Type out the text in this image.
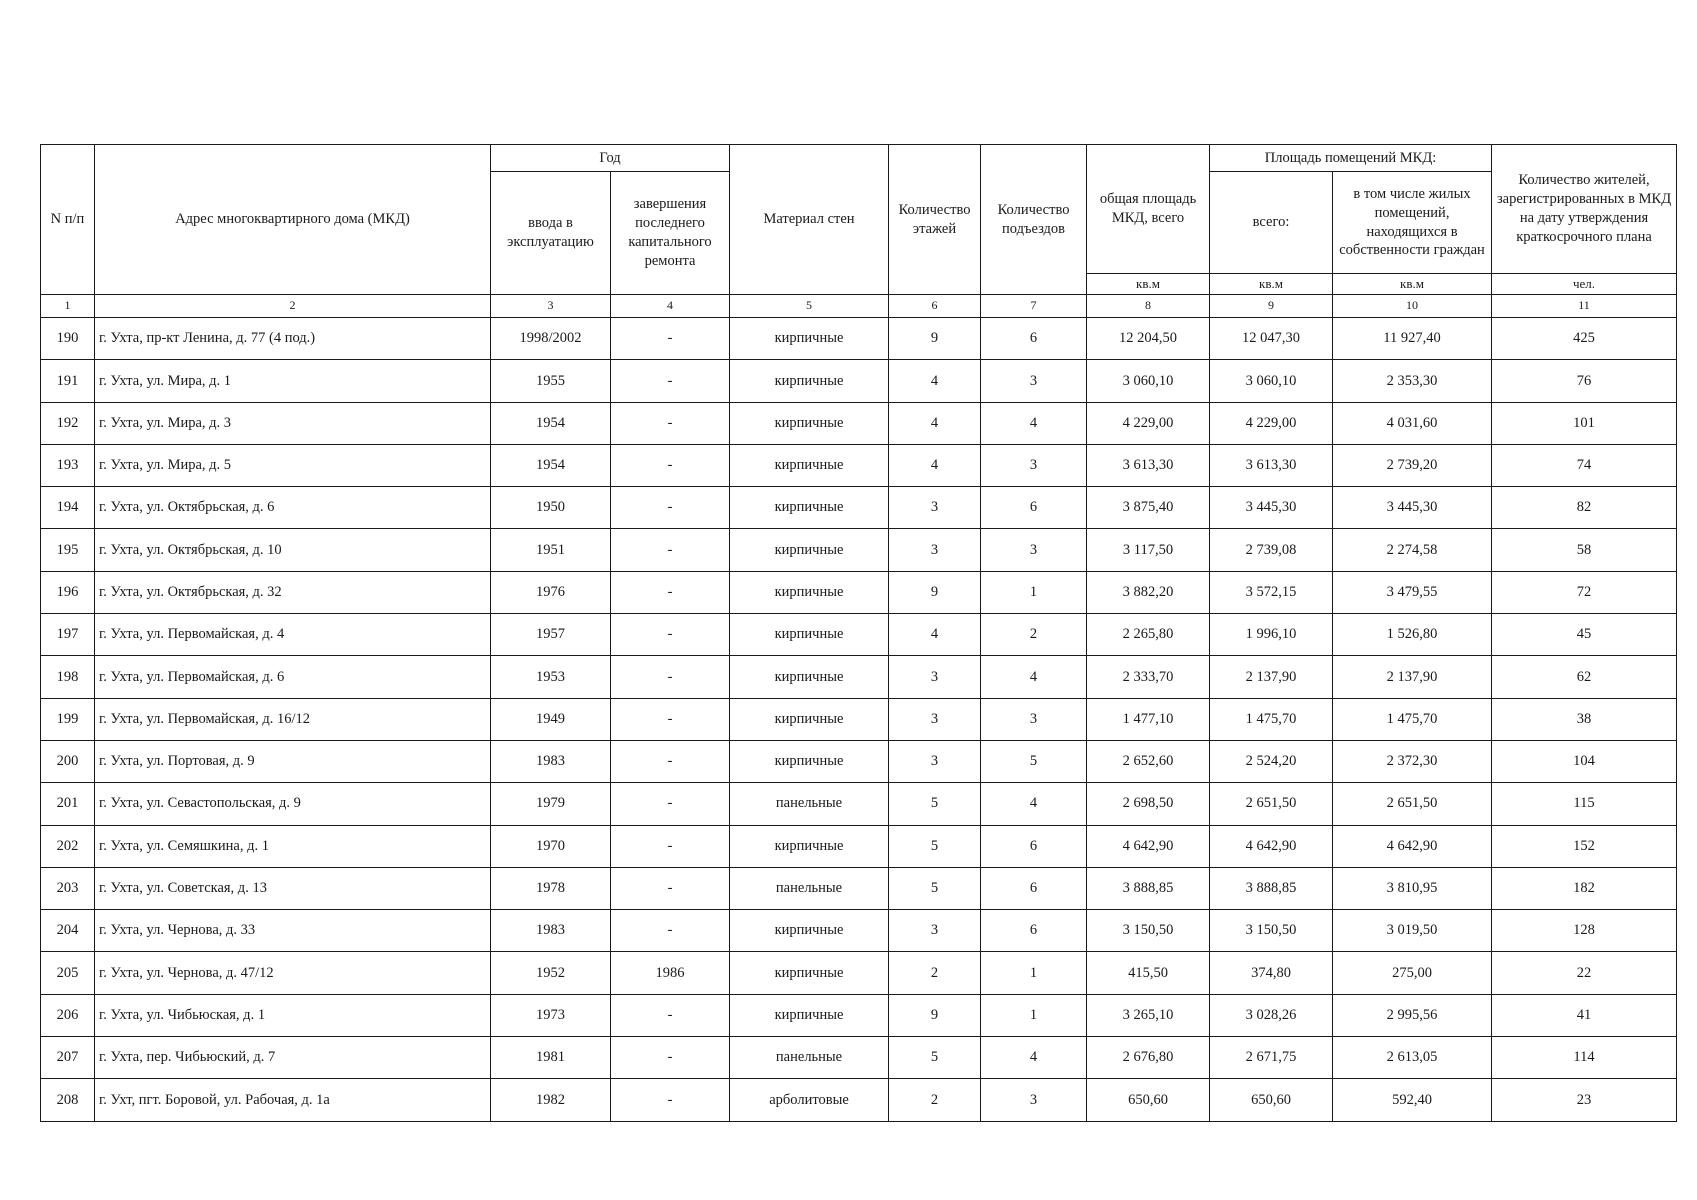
N п/п	Адрес многоквартирного дома (МКД)	Год		Материал стен	Количество этажей	Количество подъездов	общая площадь МКД, всего	Площадь помещений МКД:		Количество жителей, зарегистрированных в МКД на дату утверждения краткосрочного плана
		ввода в эксплуатацию	завершения последнего капитального ремонта					всего:	в том числе жилых помещений, находящихся в собственности граждан	
							кв.м	кв.м	кв.м	чел.
1	2	3	4	5	6	7	8	9	10	11
190	г. Ухта, пр-кт Ленина, д. 77 (4 под.)	1998/2002	-	кирпичные	9	6	12 204,50	12 047,30	11 927,40	425
191	г. Ухта, ул. Мира, д. 1	1955	-	кирпичные	4	3	3 060,10	3 060,10	2 353,30	76
192	г. Ухта, ул. Мира, д. 3	1954	-	кирпичные	4	4	4 229,00	4 229,00	4 031,60	101
193	г. Ухта, ул. Мира, д. 5	1954	-	кирпичные	4	3	3 613,30	3 613,30	2 739,20	74
194	г. Ухта, ул. Октябрьская, д. 6	1950	-	кирпичные	3	6	3 875,40	3 445,30	3 445,30	82
195	г. Ухта, ул. Октябрьская, д. 10	1951	-	кирпичные	3	3	3 117,50	2 739,08	2 274,58	58
196	г. Ухта, ул. Октябрьская, д. 32	1976	-	кирпичные	9	1	3 882,20	3 572,15	3 479,55	72
197	г. Ухта, ул. Первомайская, д. 4	1957	-	кирпичные	4	2	2 265,80	1 996,10	1 526,80	45
198	г. Ухта, ул. Первомайская, д. 6	1953	-	кирпичные	3	4	2 333,70	2 137,90	2 137,90	62
199	г. Ухта, ул. Первомайская, д. 16/12	1949	-	кирпичные	3	3	1 477,10	1 475,70	1 475,70	38
200	г. Ухта, ул. Портовая, д. 9	1983	-	кирпичные	3	5	2 652,60	2 524,20	2 372,30	104
201	г. Ухта, ул. Севастопольская, д. 9	1979	-	панельные	5	4	2 698,50	2 651,50	2 651,50	115
202	г. Ухта, ул. Семяшкина, д. 1	1970	-	кирпичные	5	6	4 642,90	4 642,90	4 642,90	152
203	г. Ухта, ул. Советская, д. 13	1978	-	панельные	5	6	3 888,85	3 888,85	3 810,95	182
204	г. Ухта, ул. Чернова, д. 33	1983	-	кирпичные	3	6	3 150,50	3 150,50	3 019,50	128
205	г. Ухта, ул. Чернова, д. 47/12	1952	1986	кирпичные	2	1	415,50	374,80	275,00	22
206	г. Ухта, ул. Чибьюская, д. 1	1973	-	кирпичные	9	1	3 265,10	3 028,26	2 995,56	41
207	г. Ухта, пер. Чибьюский, д. 7	1981	-	панельные	5	4	2 676,80	2 671,75	2 613,05	114
208	г. Ухт, пгт. Боровой, ул. Рабочая, д. 1а	1982	-	арболитовые	2	3	650,60	650,60	592,40	23
